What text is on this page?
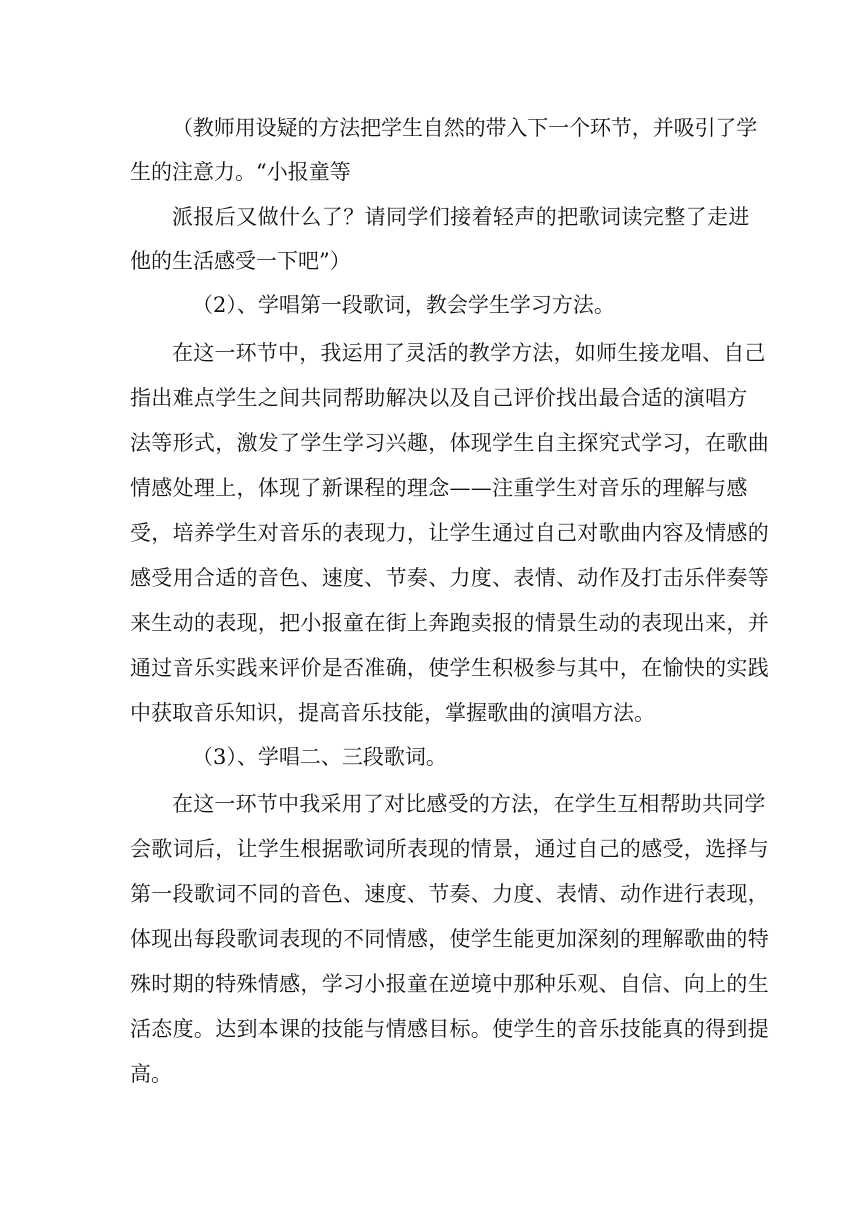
（教师用设疑的方法把学生自然的带入下一个环节，并吸引了学
生的注意力。“小报童等
派报后又做什么了？请同学们接着轻声的把歌词读完整了走进
他的生活感受一下吧”）
（2）、学唱第一段歌词，教会学生学习方法。
在这一环节中，我运用了灵活的教学方法，如师生接龙唱、自己
指出难点学生之间共同帮助解决以及自己评价找出最合适的演唱方
法等形式，激发了学生学习兴趣，体现学生自主探究式学习，在歌曲
情感处理上，体现了新课程的理念——注重学生对音乐的理解与感
受，培养学生对音乐的表现力，让学生通过自己对歌曲内容及情感的
感受用合适的音色、速度、节奏、力度、表情、动作及打击乐伴奏等
来生动的表现，把小报童在街上奔跑卖报的情景生动的表现出来，并
通过音乐实践来评价是否准确，使学生积极参与其中，在愉快的实践
中获取音乐知识，提高音乐技能，掌握歌曲的演唱方法。
（3）、学唱二、三段歌词。
在这一环节中我采用了对比感受的方法，在学生互相帮助共同学
会歌词后，让学生根据歌词所表现的情景，通过自己的感受，选择与
第一段歌词不同的音色、速度、节奏、力度、表情、动作进行表现，
体现出每段歌词表现的不同情感，使学生能更加深刻的理解歌曲的特
殊时期的特殊情感，学习小报童在逆境中那种乐观、自信、向上的生
活态度。达到本课的技能与情感目标。使学生的音乐技能真的得到提
高。
